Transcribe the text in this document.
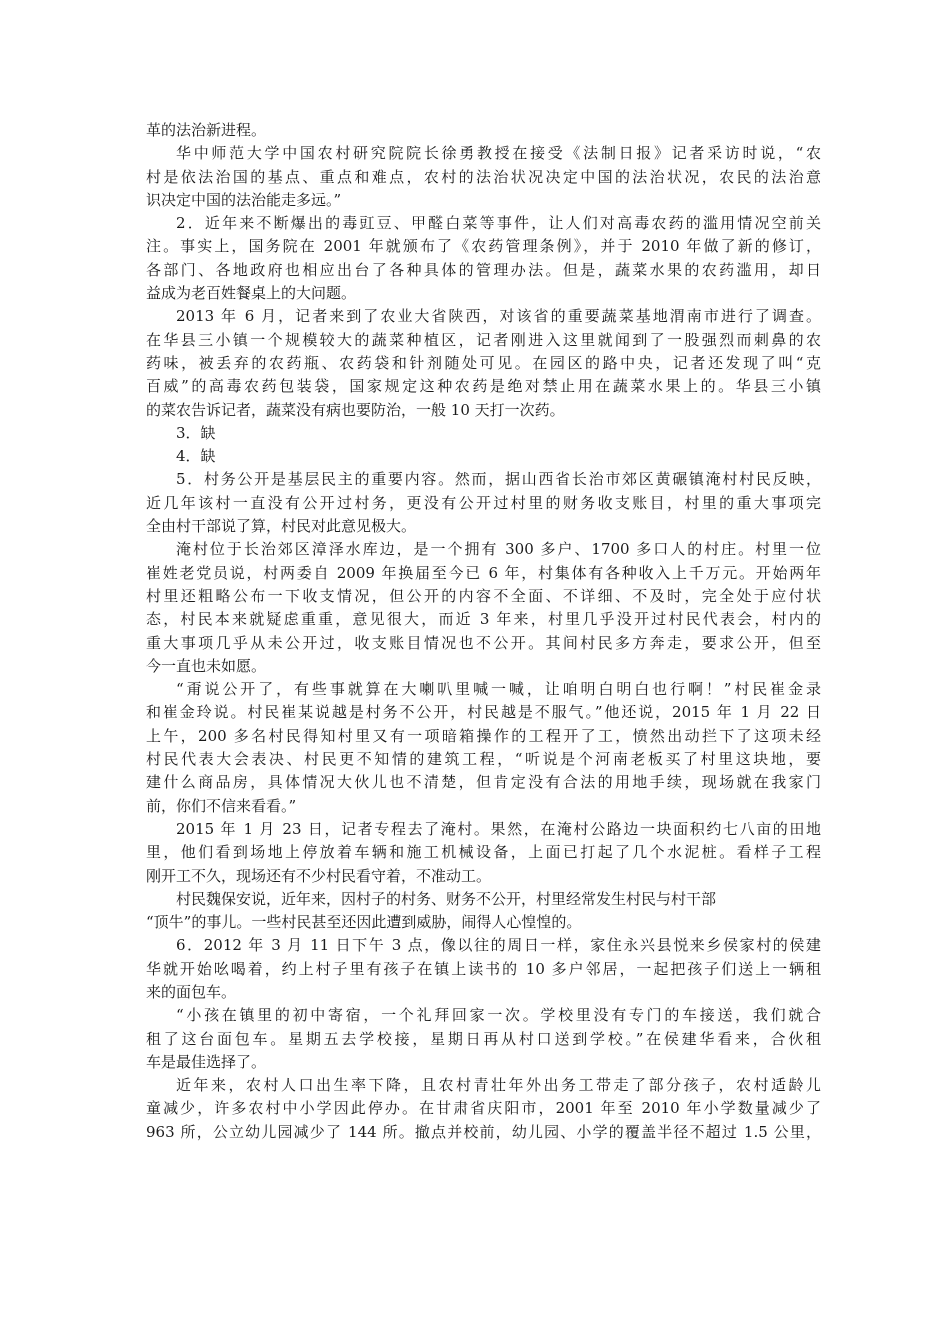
革的法治新进程。
华中师范大学中国农村研究院院长徐勇教授在接受《法制日报》记者采访时说，“农
村是依法治国的基点、重点和难点，农村的法治状况决定中国的法治状况，农民的法治意
识决定中国的法治能走多远。”
2．近年来不断爆出的毒豇豆、甲醛白菜等事件，让人们对高毒农药的滥用情况空前关
注。事实上，国务院在 2001 年就颁布了《农药管理条例》，并于 2010 年做了新的修订，
各部门、各地政府也相应出台了各种具体的管理办法。但是，蔬菜水果的农药滥用，却日
益成为老百姓餐桌上的大问题。
2013 年 6 月，记者来到了农业大省陕西，对该省的重要蔬菜基地渭南市进行了调查。
在华县三小镇一个规模较大的蔬菜种植区，记者刚进入这里就闻到了一股强烈而刺鼻的农
药味，被丢弃的农药瓶、农药袋和针剂随处可见。在园区的路中央，记者还发现了叫“克
百威”的高毒农药包装袋，国家规定这种农药是绝对禁止用在蔬菜水果上的。华县三小镇
的菜农告诉记者，蔬菜没有病也要防治，一般 10 天打一次药。
3．缺
4．缺
5．村务公开是基层民主的重要内容。然而，据山西省长治市郊区黄碾镇淹村村民反映，
近几年该村一直没有公开过村务，更没有公开过村里的财务收支账目，村里的重大事项完
全由村干部说了算，村民对此意见极大。
淹村位于长治郊区漳泽水库边，是一个拥有 300 多户、1700 多口人的村庄。村里一位
崔姓老党员说，村两委自 2009 年换届至今已 6 年，村集体有各种收入上千万元。开始两年
村里还粗略公布一下收支情况，但公开的内容不全面、不详细、不及时，完全处于应付状
态，村民本来就疑虑重重，意见很大，而近 3 年来，村里几乎没开过村民代表会，村内的
重大事项几乎从未公开过，收支账目情况也不公开。其间村民多方奔走，要求公开，但至
今一直也未如愿。
“甭说公开了，有些事就算在大喇叭里喊一喊，让咱明白明白也行啊！”村民崔金录
和崔金玲说。村民崔某说越是村务不公开，村民越是不服气。”他还说，2015 年 1 月 22 日
上午，200 多名村民得知村里又有一项暗箱操作的工程开了工，愤然出动拦下了这项未经
村民代表大会表决、村民更不知情的建筑工程，“听说是个河南老板买了村里这块地，要
建什么商品房，具体情况大伙儿也不清楚，但肯定没有合法的用地手续，现场就在我家门
前，你们不信来看看。”
2015 年 1 月 23 日，记者专程去了淹村。果然，在淹村公路边一块面积约七八亩的田地
里，他们看到场地上停放着车辆和施工机械设备，上面已打起了几个水泥桩。看样子工程
刚开工不久，现场还有不少村民看守着，不准动工。
村民魏保安说，近年来，因村子的村务、财务不公开，村里经常发生村民与村干部
“顶牛”的事儿。一些村民甚至还因此遭到威胁，闹得人心惶惶的。
6．2012 年 3 月 11 日下午 3 点，像以往的周日一样，家住永兴县悦来乡侯家村的侯建
华就开始吆喝着，约上村子里有孩子在镇上读书的 10 多户邻居，一起把孩子们送上一辆租
来的面包车。
“小孩在镇里的初中寄宿，一个礼拜回家一次。学校里没有专门的车接送，我们就合
租了这台面包车。星期五去学校接，星期日再从村口送到学校。”在侯建华看来，合伙租
车是最佳选择了。
近年来，农村人口出生率下降，且农村青壮年外出务工带走了部分孩子，农村适龄儿
童减少，许多农村中小学因此停办。在甘肃省庆阳市，2001 年至 2010 年小学数量减少了
963 所，公立幼儿园减少了 144 所。撤点并校前，幼儿园、小学的覆盖半径不超过 1.5 公里，
